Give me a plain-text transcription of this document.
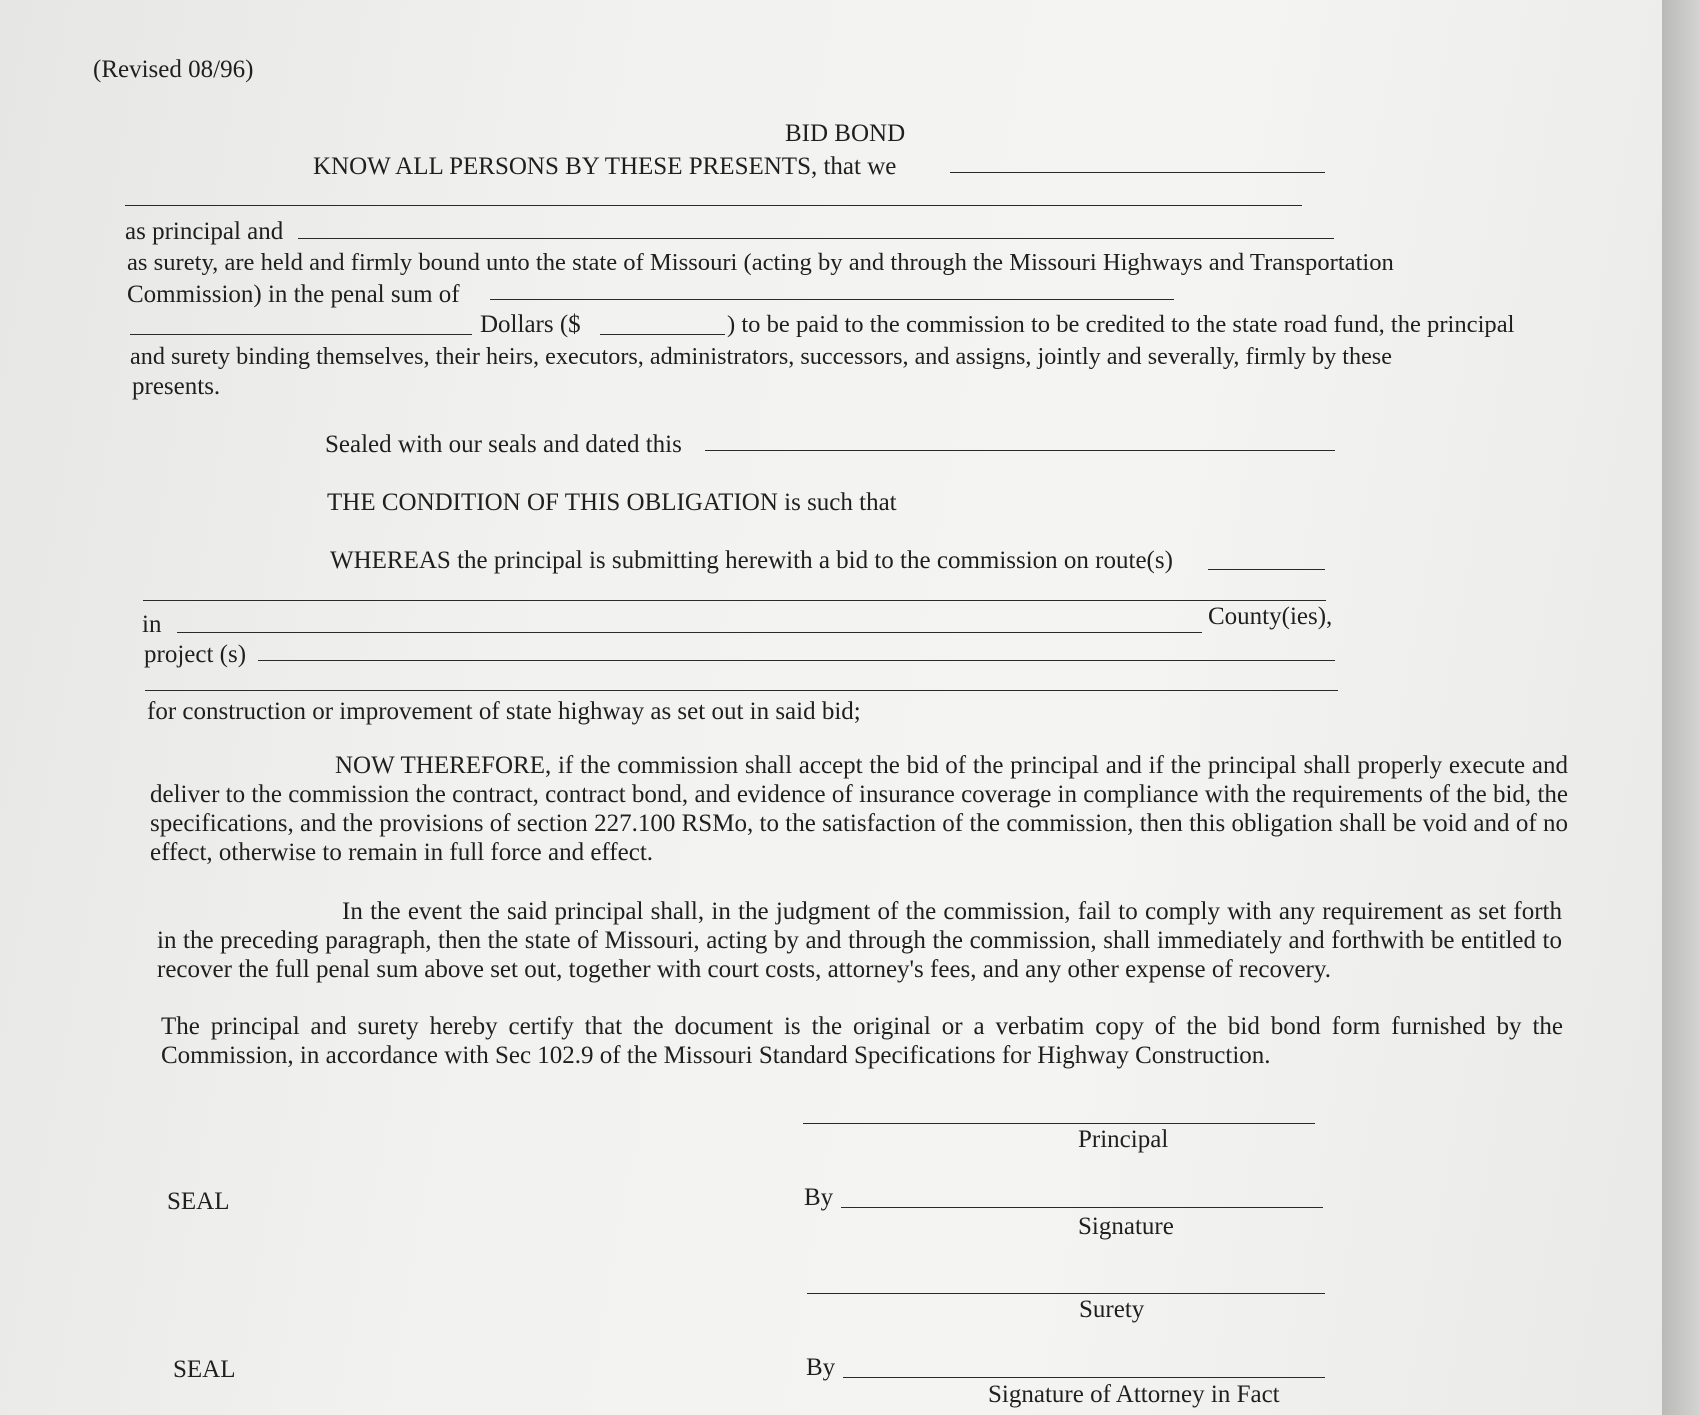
(Revised 08/96)
BID BOND
KNOW ALL PERSONS BY THESE PRESENTS, that we
as principal and
as surety, are held and firmly bound unto the state of Missouri (acting by and through the Missouri Highways and Transportation
Commission) in the penal sum of
Dollars ($	) to be paid to the commission to be credited to the state road fund, the principal
and surety binding themselves, their heirs, executors, administrators, successors, and assigns, jointly and severally, firmly by these
presents.
Sealed with our seals and dated this
THE CONDITION OF THIS OBLIGATION is such that
WHEREAS the principal is submitting herewith a bid to the commission on route(s)
in	County(ies),
project (s)
for construction or improvement of state highway as set out in said bid;
NOW THEREFORE, if the commission shall accept the bid of the principal and if the principal shall properly execute and deliver to the commission the contract, contract bond, and evidence of insurance coverage in compliance with the requirements of the bid, the specifications, and the provisions of section 227.100 RSMo, to the satisfaction of the commission, then this obligation shall be void and of no effect, otherwise to remain in full force and effect.
In the event the said principal shall, in the judgment of the commission, fail to comply with any requirement as set forth in the preceding paragraph, then the state of Missouri, acting by and through the commission, shall immediately and forthwith be entitled to recover the full penal sum above set out, together with court costs, attorney's fees, and any other expense of recovery.
The principal and surety hereby certify that the document is the original or a verbatim copy of the bid bond form furnished by the Commission, in accordance with Sec 102.9 of the Missouri Standard Specifications for Highway Construction.
Principal
SEAL	By
Signature
Surety
SEAL	By
Signature of Attorney in Fact
